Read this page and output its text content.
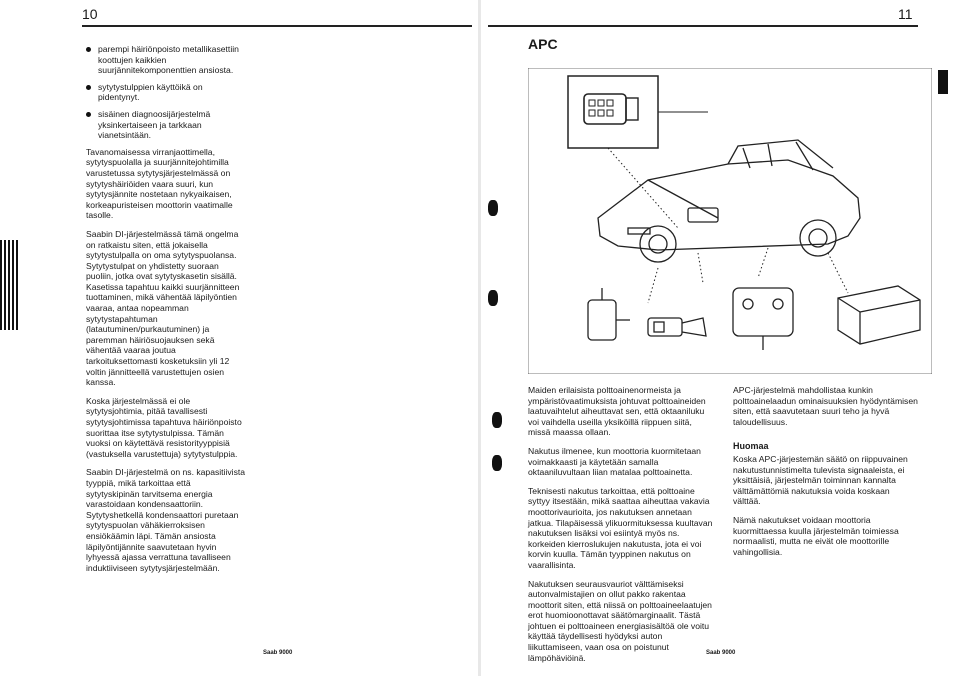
10
parempi häiriönpoisto metallikasettiin koottujen kaikkien suurjännitekomponenttien ansiosta.
sytytystulppien käyttöikä on pidentynyt.
sisäinen diagnoosijärjestelmä yksinkertaiseen ja tarkkaan vianetsintään.

Tavanomaisessa virranjaottimella, sytytyspuolalla ja suurjännitejohtimilla varustetussa sytytysjärjestelmässä on sytytyshäiriöiden vaara suuri, kun sytytysjännite nostetaan nykyaikaisen, korkeapuristeisen moottorin vaatimalle tasolle.

Saabin DI-järjestelmässä tämä ongelma on ratkaistu siten, että jokaisella sytytystulpalla on oma sytytyspuolansa. Sytytystulpat on yhdistetty suoraan puoliin, jotka ovat sytytyskasetin sisällä. Kasetissa tapahtuu kaikki suurjännitteen tuottaminen, mikä vähentää läpilyöntien vaaraa, antaa nopeamman sytytystapahtuman (latautuminen/purkautuminen) ja paremman häiriösuojauksen sekä vähentää vaaraa joutua tarkoituksettomasti kosketuksiin yli 12 voltin jännitteellä varustettujen osien kanssa.

Koska järjestelmässä ei ole sytytysjohtimia, pitää tavallisesti sytytysjohtimissa tapahtuva häiriönpoisto suorittaa itse sytytystulpissa. Tämän vuoksi on käytettävä resistorityyppisiä (vastuksella varustettuja) sytytystulppia.

Saabin DI-järjestelmä on ns. kapasitiivista tyyppiä, mikä tarkoittaa että sytytyskipinän tarvitsema energia varastoidaan kondensaattoriin. Sytytyshetkellä kondensaattori puretaan sytytyspuolan vähäkierroksisen ensiökäämin läpi. Tämän ansiosta läpilyöntijännite saavutetaan hyvin lyhyessä ajassa verrattuna tavalliseen induktiiviseen sytytysjärjestelmään.

Saab 9000
11
APC

Maiden erilaisista polttoainenormeista ja ympäristövaatimuksista johtuvat polttoaineiden laatuvaihtelut aiheuttavat sen, että oktaaniluku voi vaihdella useilla yksiköillä riippuen siitä, missä maassa ollaan.

Nakutus ilmenee, kun moottoria kuormitetaan voimakkaasti ja käytetään samalla oktaaniluvultaan liian matalaa polttoainetta.

Teknisesti nakutus tarkoittaa, että polttoaine syttyy itsestään, mikä saattaa aiheuttaa vakavia moottorivaurioita, jos nakutuksen annetaan jatkua. Tilapäisessä ylikuormituksessa kuultavan nakutuksen lisäksi voi esiintyä myös ns. korkeiden kierroslukujen nakutusta, jota ei voi korvin kuulla. Tämän tyyppinen nakutus on vaarallisinta.

Nakutuksen seurausvauriot välttämiseksi autonvalmistajien on ollut pakko rakentaa moottorit siten, että niissä on polttoaineelaatujen erot huomioonottavat säätömarginaalit. Tästä johtuen ei polttoaineen energiasisältöä ole voitu käyttää täydellisesti hyödyksi auton liikuttamiseen, vaan osa on poistunut lämpöhäviöinä.

APC-järjestelmä mahdollistaa kunkin polttoainelaadun ominaisuuksien hyödyntämisen siten, että saavutetaan suuri teho ja hyvä taloudellisuus.

Huomaa

Koska APC-järjestemän säätö on riippuvainen nakutustunnistimelta tulevista signaaleista, ei yksittäisiä, järjestelmän toiminnan kannalta välttämättömiä nakutuksia voida koskaan välttää.

Nämä nakutukset voidaan moottoria kuormittaessa kuulla järjestelmän toimiessa normaalisti, mutta ne eivät ole moottorille vahingollisia.

Saab 9000
